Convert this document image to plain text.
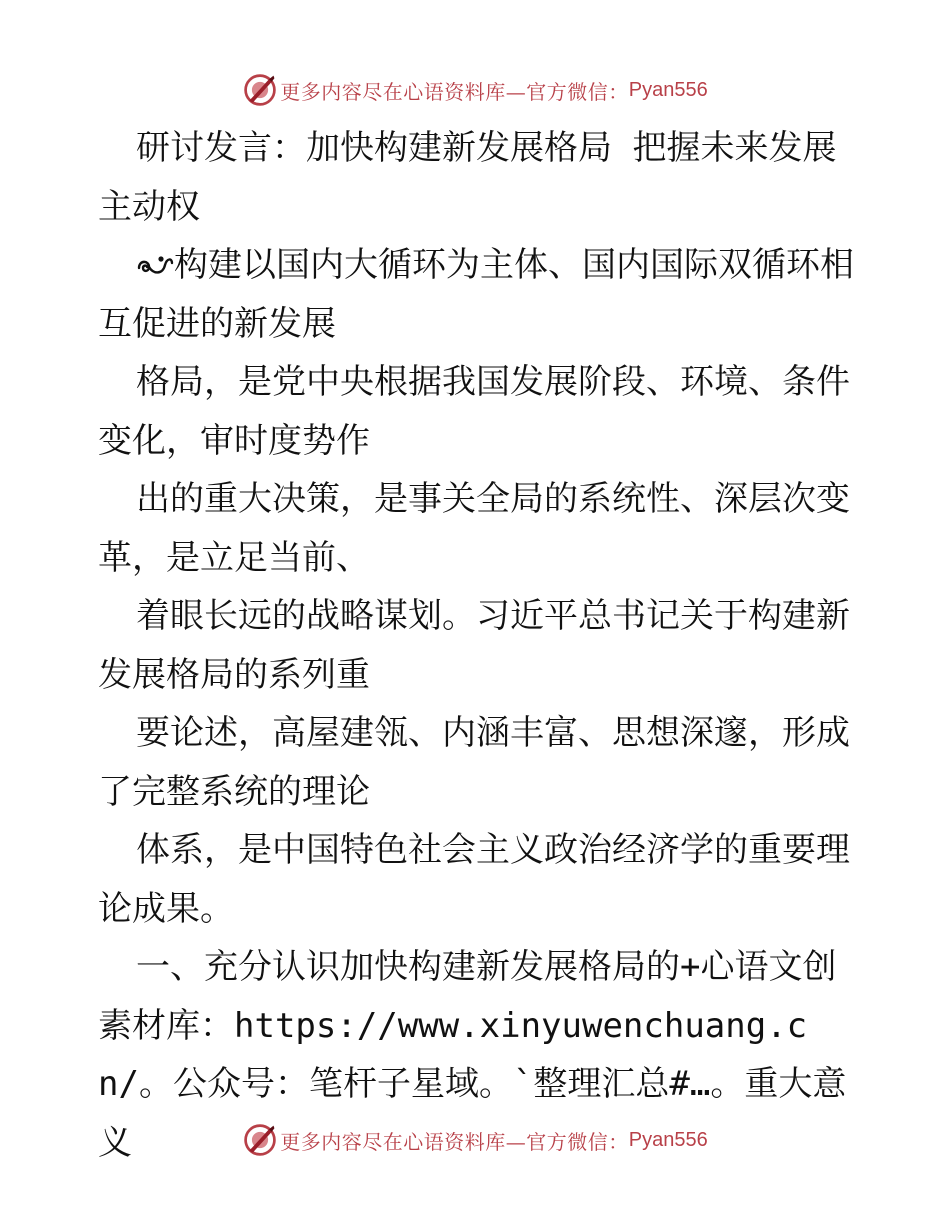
更多内容尽在心语资料库— 官方微信： Pyan556

研讨发言：加快构建新发展格局 把握未来发展主动权

构建以国内大循环为主体、国内国际双循环相互促进的新发展

格局，是党中央根据我国发展阶段、环境、条件变化，审时度势作

出的重大决策，是事关全局的系统性、深层次变革，是立足当前、

着眼长远的战略谋划。习近平总书记关于构建新发展格局的系列重

要论述，高屋建瓴、内涵丰富、思想深邃，形成了完整系统的理论

体系，是中国特色社会主义政治经济学的重要理论成果。

一、充分认识加快构建新发展格局的+心语文创素材库：https://www.xinyuwenchuang.cn/。公众号：笔杆子星域。`整理汇总#…。重大意义	更多内容尽在心语资料库— 官方微信： Pyan556
